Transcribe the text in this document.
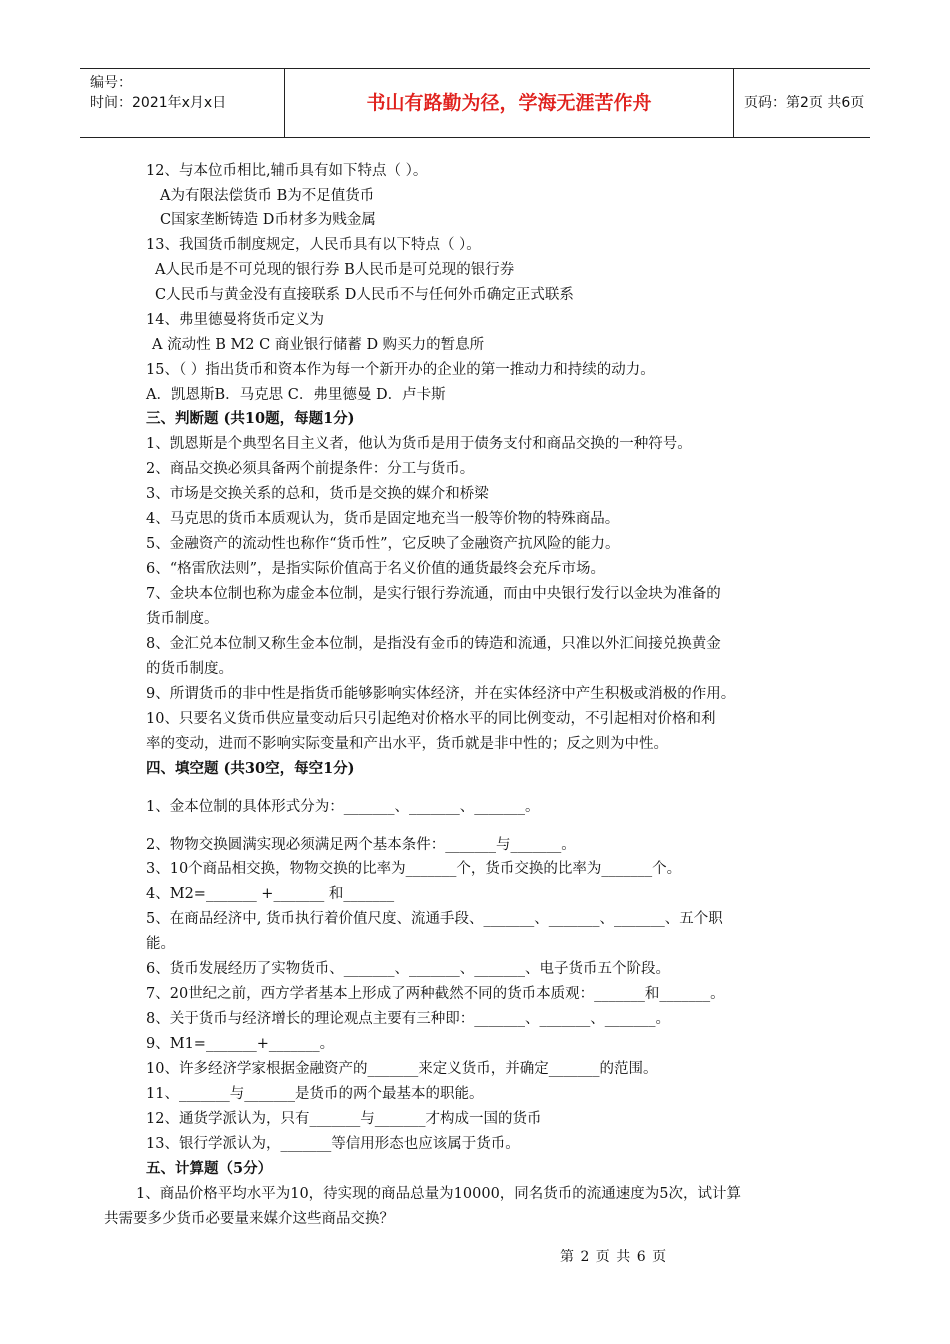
编号：
时间：2021年x月x日	书山有路勤为径，学海无涯苦作舟	页码：第2页 共6页
12、与本位币相比,辅币具有如下特点（ ）。
A为有限法偿货币 B为不足值货币
C国家垄断铸造 D币材多为贱金属
13、我国货币制度规定，人民币具有以下特点（ ）。
A人民币是不可兑现的银行券 B人民币是可兑现的银行券
C人民币与黄金没有直接联系 D人民币不与任何外币确定正式联系
14、弗里德曼将货币定义为
A 流动性 B M2 C 商业银行储蓄 D 购买力的暂息所
15、（ ）指出货币和资本作为每一个新开办的企业的第一推动力和持续的动力。
A．凯恩斯B．马克思 C．弗里德曼 D．卢卡斯
三、判断题 (共10题，每题1分)
1、凯恩斯是个典型名目主义者，他认为货币是用于债务支付和商品交换的一种符号。
2、商品交换必须具备两个前提条件：分工与货币。
3、市场是交换关系的总和，货币是交换的媒介和桥梁
4、马克思的货币本质观认为，货币是固定地充当一般等价物的特殊商品。
5、金融资产的流动性也称作“货币性”，它反映了金融资产抗风险的能力。
6、“格雷欣法则”，是指实际价值高于名义价值的通货最终会充斥市场。
7、金块本位制也称为虚金本位制，是实行银行券流通，而由中央银行发行以金块为准备的
货币制度。
8、金汇兑本位制又称生金本位制，是指没有金币的铸造和流通，只准以外汇间接兑换黄金
的货币制度。
9、所谓货币的非中性是指货币能够影响实体经济，并在实体经济中产生积极或消极的作用。
10、只要名义货币供应量变动后只引起绝对价格水平的同比例变动，不引起相对价格和利
率的变动，进而不影响实际变量和产出水平，货币就是非中性的；反之则为中性。
四、填空题 (共30空，每空1分)
1、金本位制的具体形式分为：_______、_______、_______。
2、物物交换圆满实现必须满足两个基本条件：_______与_______。
3、10个商品相交换，物物交换的比率为_______个，货币交换的比率为_______个。
4、M2=_______ +_______ 和_______
5、在商品经济中, 货币执行着价值尺度、流通手段、_______、_______、_______、五个职
能。
6、货币发展经历了实物货币、_______、_______、_______、电子货币五个阶段。
7、20世纪之前，西方学者基本上形成了两种截然不同的货币本质观：_______和_______。
8、关于货币与经济增长的理论观点主要有三种即：_______、_______、_______。
9、M1=_______+_______。
10、许多经济学家根据金融资产的_______来定义货币，并确定_______的范围。
11、_______与_______是货币的两个最基本的职能。
12、通货学派认为，只有_______与_______才构成一国的货币
13、银行学派认为，_______等信用形态也应该属于货币。
五、计算题（5分）
1、商品价格平均水平为10，待实现的商品总量为10000，同名货币的流通速度为5次，试计算
共需要多少货币必要量来媒介这些商品交换？
第 2 页 共 6 页
